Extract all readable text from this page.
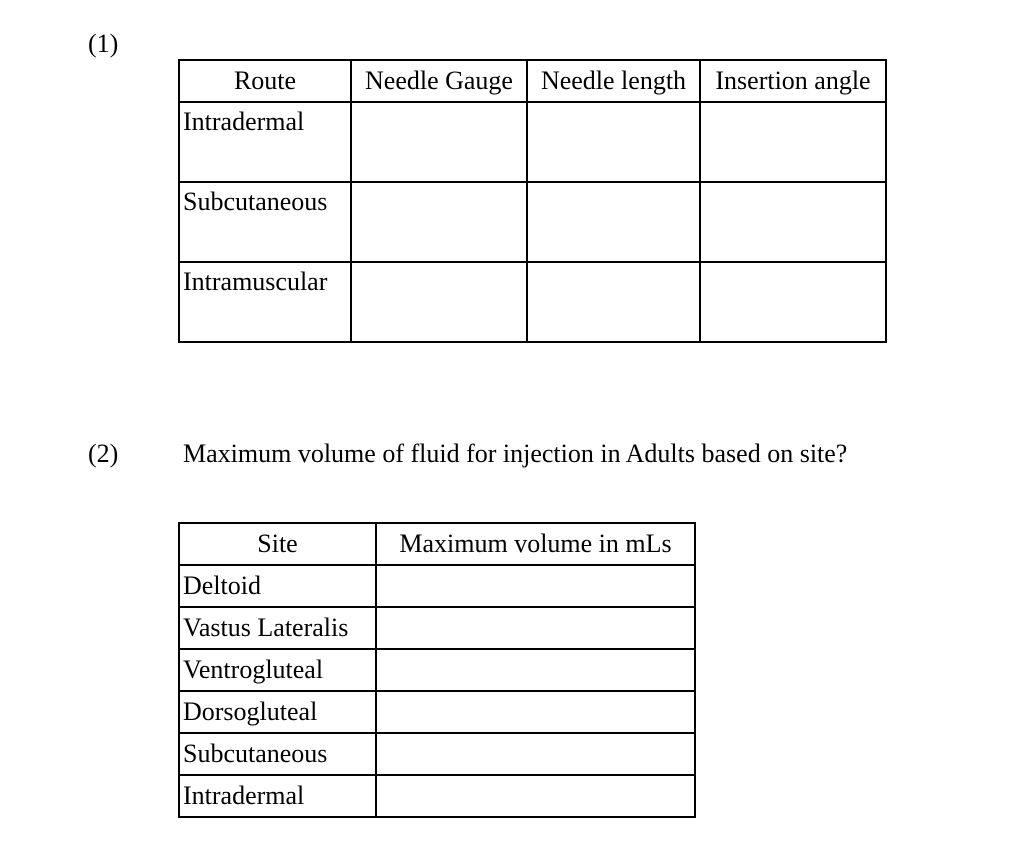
(1)
Route	Needle Gauge	Needle length	Insertion angle
Intradermal			
Subcutaneous			
Intramuscular			
(2) Maximum volume of fluid for injection in Adults based on site?
Site	Maximum volume in mLs
Deltoid	
Vastus Lateralis	
Ventrogluteal	
Dorsogluteal	
Subcutaneous	
Intradermal	
